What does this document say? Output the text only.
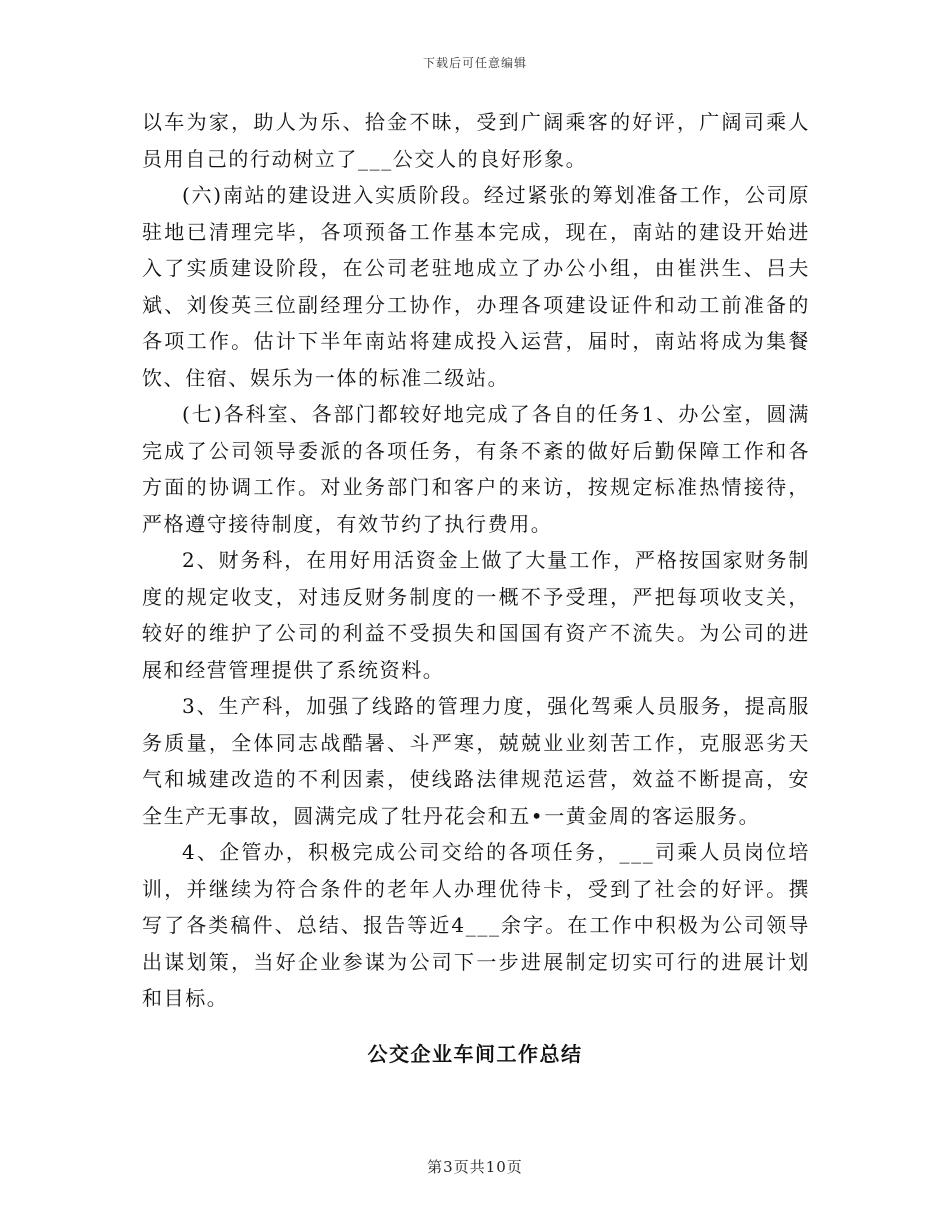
下载后可任意编辑

以车为家，助人为乐、拾金不昧，受到广阔乘客的好评，广阔司乘人员用自己的行动树立了___公交人的良好形象。

(六)南站的建设进入实质阶段。经过紧张的筹划准备工作，公司原驻地已清理完毕，各项预备工作基本完成，现在，南站的建设开始进入了实质建设阶段，在公司老驻地成立了办公小组，由崔洪生、吕夫斌、刘俊英三位副经理分工协作，办理各项建设证件和动工前准备的各项工作。估计下半年南站将建成投入运营，届时，南站将成为集餐饮、住宿、娱乐为一体的标准二级站。

(七)各科室、各部门都较好地完成了各自的任务1、办公室，圆满完成了公司领导委派的各项任务，有条不紊的做好后勤保障工作和各方面的协调工作。对业务部门和客户的来访，按规定标准热情接待，严格遵守接待制度，有效节约了执行费用。

2、财务科，在用好用活资金上做了大量工作，严格按国家财务制度的规定收支，对违反财务制度的一概不予受理，严把每项收支关，较好的维护了公司的利益不受损失和国国有资产不流失。为公司的进展和经营管理提供了系统资料。

3、生产科，加强了线路的管理力度，强化驾乘人员服务，提高服务质量，全体同志战酷暑、斗严寒，兢兢业业刻苦工作，克服恶劣天气和城建改造的不利因素，使线路法律规范运营，效益不断提高，安全生产无事故，圆满完成了牡丹花会和五•一黄金周的客运服务。

4、企管办，积极完成公司交给的各项任务，___司乘人员岗位培训，并继续为符合条件的老年人办理优待卡，受到了社会的好评。撰写了各类稿件、总结、报告等近4___余字。在工作中积极为公司领导出谋划策，当好企业参谋为公司下一步进展制定切实可行的进展计划和目标。

公交企业车间工作总结
第3页共10页
